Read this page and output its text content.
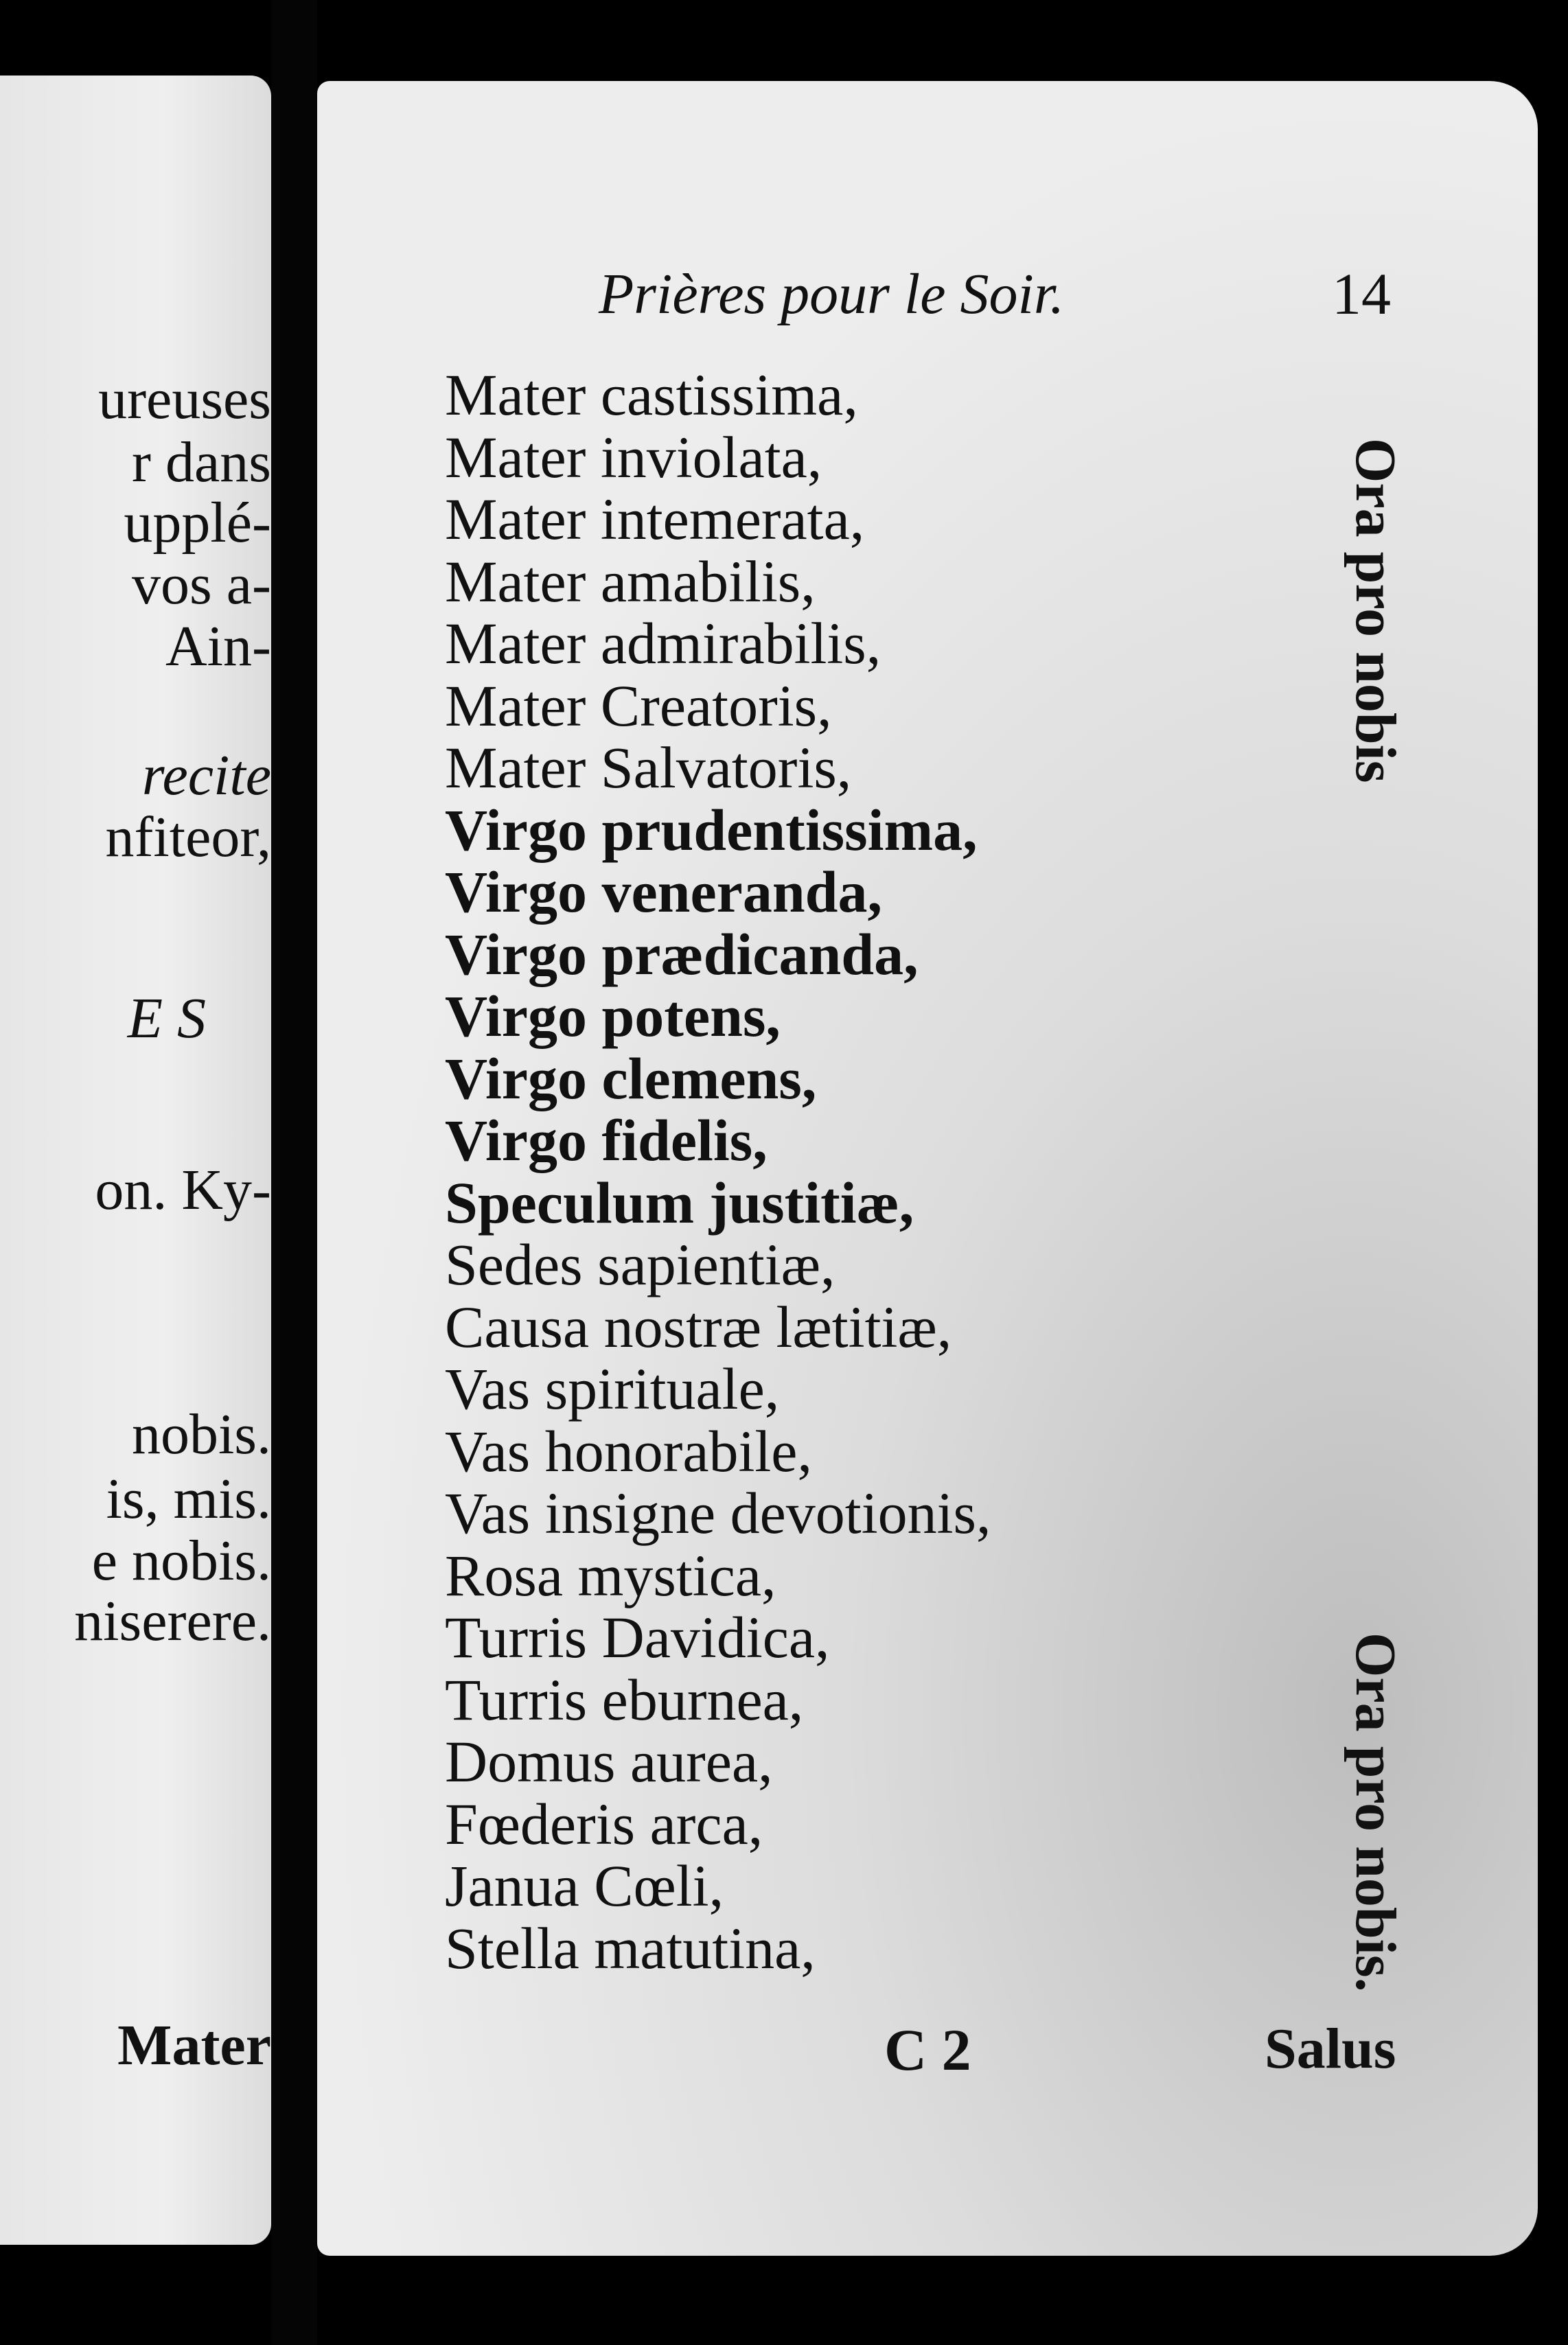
ureuses

r dans

upplé-

vos a-

Ain-

recite

nfiteor,

E S

on. Ky-

nobis.

is, mis.

e nobis.

niserere.

Mater

Prières pour le Soir.	14
Mater castissima,
Mater inviolata,
Mater intemerata,
Mater amabilis,
Mater admirabilis,
Mater Creatoris,
Mater Salvatoris,
Virgo prudentissima,
Virgo veneranda,
Virgo prædicanda,
Virgo potens,
Virgo clemens,
Virgo fidelis,
Speculum justitiæ,
Sedes sapientiæ,
Causa nostræ lætitiæ,
Vas spirituale,
Vas honorabile,
Vas insigne devotionis,
Rosa mystica,
Turris Davidica,
Turris eburnea,
Domus aurea,
Fœderis arca,
Janua Cœli,
Stella matutina,
Ora pro nobis
Ora pro nobis.
C 2	Salus
